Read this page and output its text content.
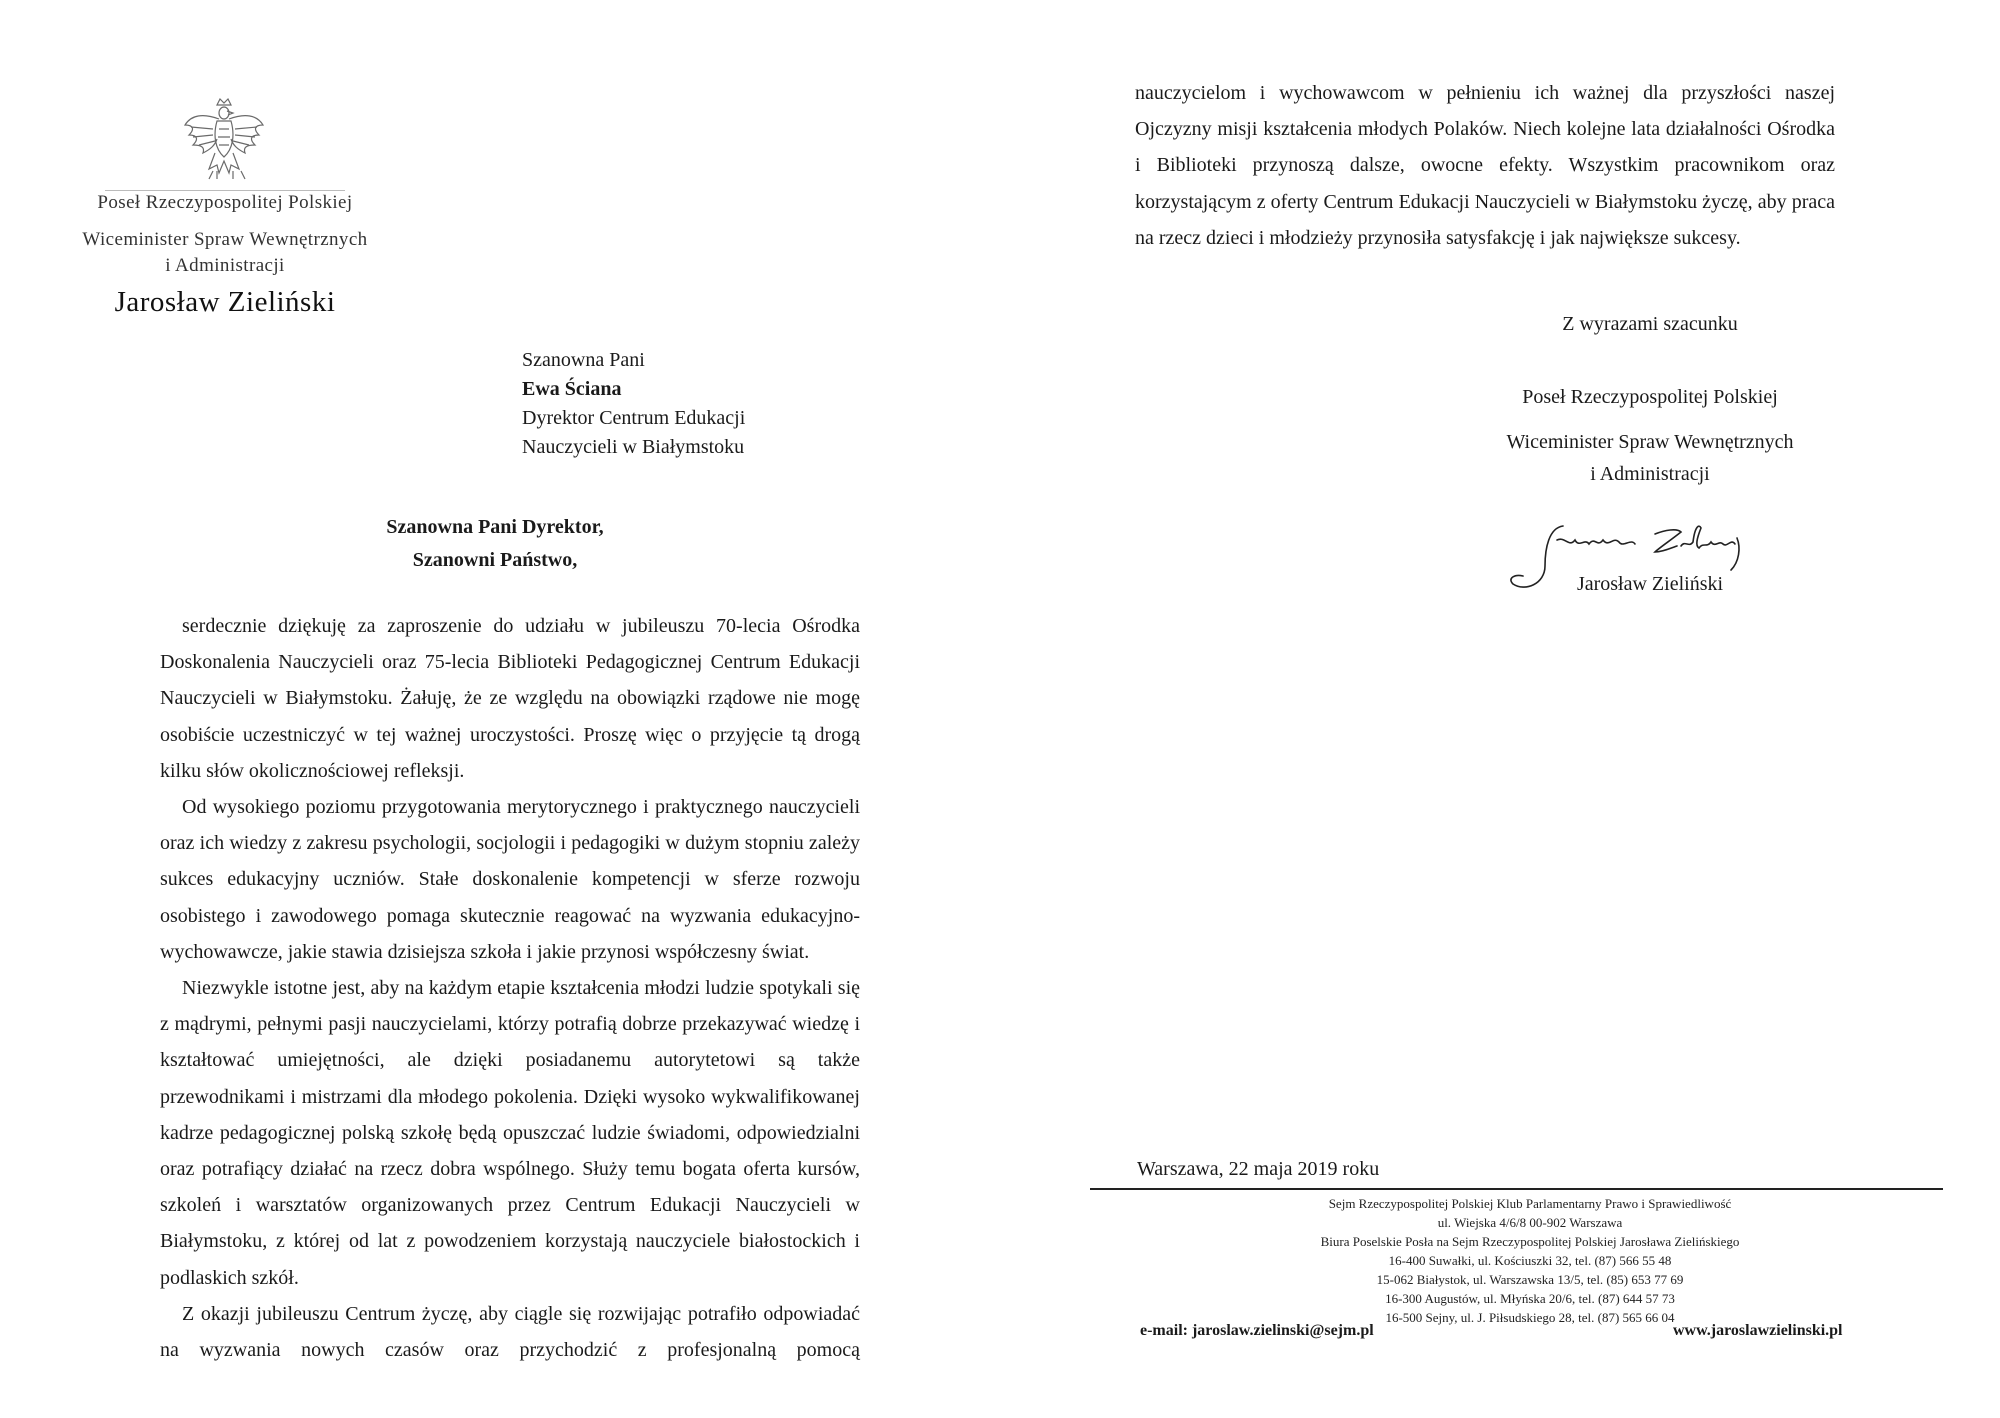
Poseł Rzeczypospolitej Polskiej
Wiceminister Spraw Wewnętrznych
i Administracji
Jarosław Zieliński
Szanowna Pani
Ewa Ściana
Dyrektor Centrum Edukacji
Nauczycieli w Białymstoku
Szanowna Pani Dyrektor,
Szanowni Państwo,

serdecznie dziękuję za zaproszenie do udziału w jubileuszu 70-lecia Ośrodka Doskonalenia Nauczycieli oraz 75-lecia Biblioteki Pedagogicznej Centrum Edukacji Nauczycieli w Białymstoku. Żałuję, że ze względu na obowiązki rządowe nie mogę osobiście uczestniczyć w tej ważnej uroczystości. Proszę więc o przyjęcie tą drogą kilku słów okolicznościowej refleksji.

Od wysokiego poziomu przygotowania merytorycznego i praktycznego nauczycieli oraz ich wiedzy z zakresu psychologii, socjologii i pedagogiki w dużym stopniu zależy sukces edukacyjny uczniów. Stałe doskonalenie kompetencji w sferze rozwoju osobistego i zawodowego pomaga skutecznie reagować na wyzwania edukacyjno-wychowawcze, jakie stawia dzisiejsza szkoła i jakie przynosi współczesny świat.

Niezwykle istotne jest, aby na każdym etapie kształcenia młodzi ludzie spotykali się z mądrymi, pełnymi pasji nauczycielami, którzy potrafią dobrze przekazywać wiedzę i kształtować umiejętności, ale dzięki posiadanemu autorytetowi są także przewodnikami i mistrzami dla młodego pokolenia. Dzięki wysoko wykwalifikowanej kadrze pedagogicznej polską szkołę będą opuszczać ludzie świadomi, odpowiedzialni oraz potrafiący działać na rzecz dobra wspólnego. Służy temu bogata oferta kursów, szkoleń i warsztatów organizowanych przez Centrum Edukacji Nauczycieli w Białymstoku, z której od lat z powodzeniem korzystają nauczyciele białostockich i podlaskich szkół.

Z okazji jubileuszu Centrum życzę, aby ciągle się rozwijając potrafiło odpowiadać na wyzwania nowych czasów oraz przychodzić z profesjonalną pomocą

nauczycielom i wychowawcom w pełnieniu ich ważnej dla przyszłości naszej Ojczyzny misji kształcenia młodych Polaków. Niech kolejne lata działalności Ośrodka i Biblioteki przynoszą dalsze, owocne efekty. Wszystkim pracownikom oraz korzystającym z oferty Centrum Edukacji Nauczycieli w Białymstoku życzę, aby praca na rzecz dzieci i młodzieży przynosiła satysfakcję i jak największe sukcesy.

Z wyrazami szacunku
Poseł Rzeczypospolitej Polskiej
Wiceminister Spraw Wewnętrznych
i Administracji
Jarosław Zieliński
Warszawa, 22 maja 2019 roku
Sejm Rzeczypospolitej Polskiej Klub Parlamentarny Prawo i Sprawiedliwość
ul. Wiejska 4/6/8 00-902 Warszawa
Biura Poselskie Posła na Sejm Rzeczypospolitej Polskiej Jarosława Zielińskiego
16-400 Suwałki, ul. Kościuszki 32, tel. (87) 566 55 48
15-062 Białystok, ul. Warszawska 13/5, tel. (85) 653 77 69
16-300 Augustów, ul. Młyńska 20/6, tel. (87) 644 57 73
16-500 Sejny, ul. J. Piłsudskiego 28, tel. (87) 565 66 04
e-mail: jaroslaw.zielinski@sejm.pl	www.jaroslawzielinski.pl
